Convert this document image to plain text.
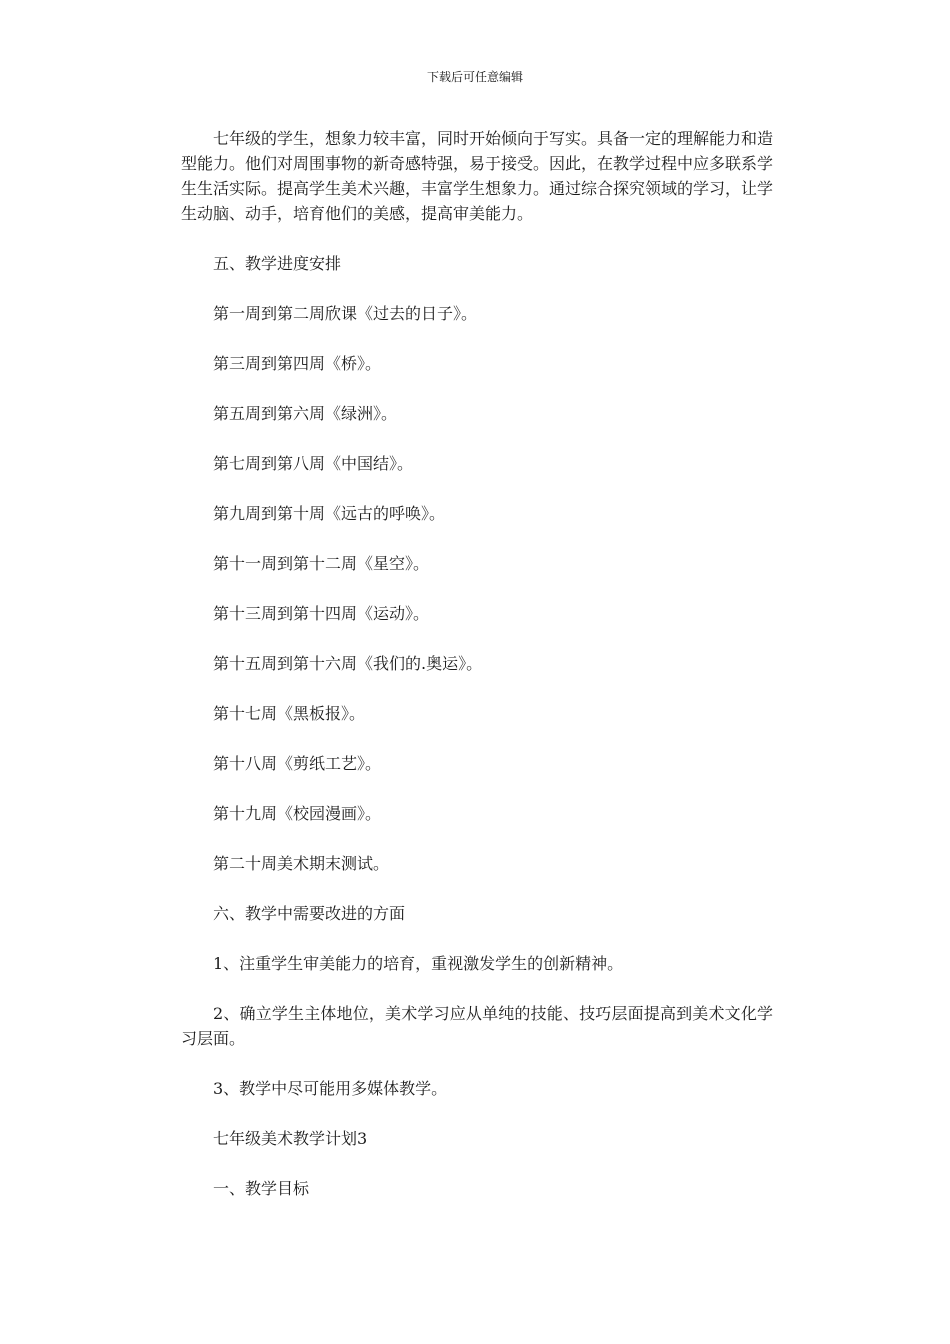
下载后可任意编辑

七年级的学生，想象力较丰富，同时开始倾向于写实。具备一定的理解能力和造型能力。他们对周围事物的新奇感特强，易于接受。因此，在教学过程中应多联系学生生活实际。提高学生美术兴趣，丰富学生想象力。通过综合探究领域的学习，让学生动脑、动手，培育他们的美感，提高审美能力。

五、教学进度安排

第一周到第二周欣课《过去的日子》。

第三周到第四周《桥》。

第五周到第六周《绿洲》。

第七周到第八周《中国结》。

第九周到第十周《远古的呼唤》。

第十一周到第十二周《星空》。

第十三周到第十四周《运动》。

第十五周到第十六周《我们的.奥运》。

第十七周《黑板报》。

第十八周《剪纸工艺》。

第十九周《校园漫画》。

第二十周美术期末测试。

六、教学中需要改进的方面

1、注重学生审美能力的培育，重视激发学生的创新精神。

2、确立学生主体地位，美术学习应从单纯的技能、技巧层面提高到美术文化学习层面。

3、教学中尽可能用多媒体教学。

七年级美术教学计划3

一、教学目标
